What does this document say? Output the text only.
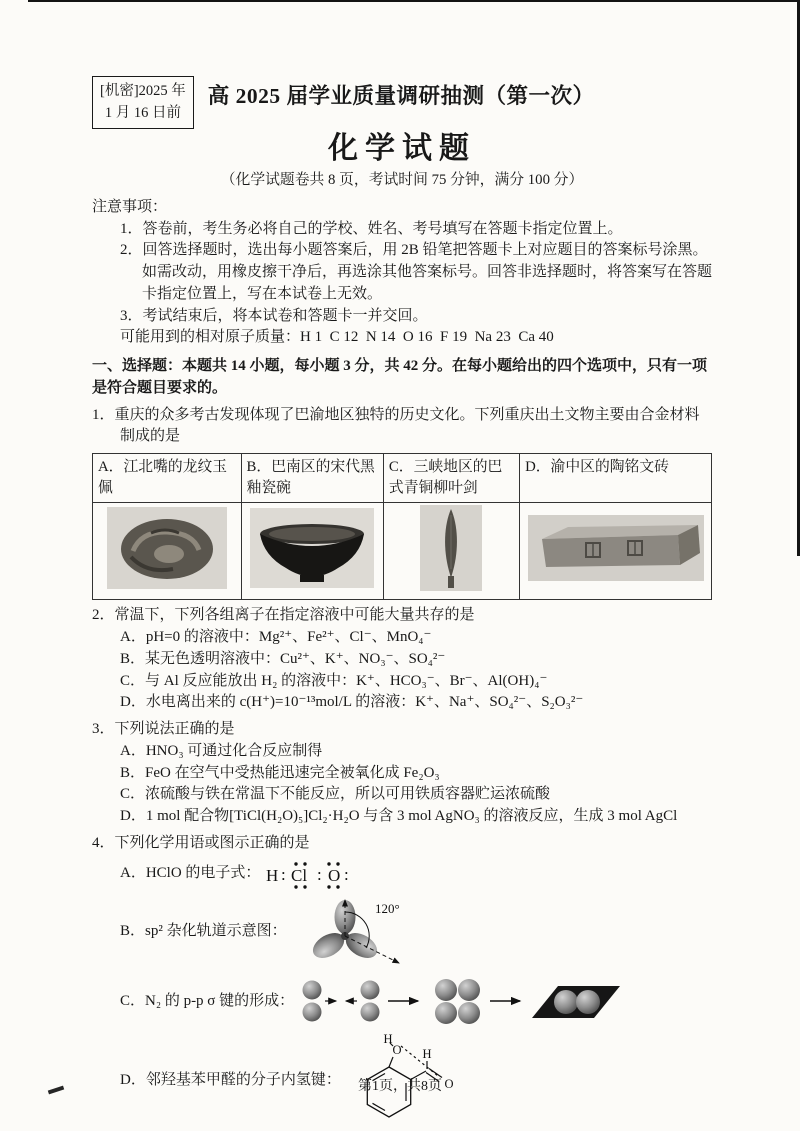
[机密]2025 年
1 月 16 日前
高 2025 届学业质量调研抽测（第一次）
化学试题
（化学试题卷共 8 页，考试时间 75 分钟，满分 100 分）
注意事项：
1．答卷前，考生务必将自己的学校、姓名、考号填写在答题卡指定位置上。
2．回答选择题时，选出每小题答案后，用 2B 铅笔把答题卡上对应题目的答案标号涂黑。如需改动，用橡皮擦干净后，再选涂其他答案标号。回答非选择题时，将答案写在答题卡指定位置上，写在本试卷上无效。
3．考试结束后，将本试卷和答题卡一并交回。
可能用到的相对原子质量：H 1  C 12  N 14  O 16  F 19  Na 23  Ca 40
一、选择题：本题共 14 小题，每小题 3 分，共 42 分。在每小题给出的四个选项中，只有一项是符合题目要求的。
1．重庆的众多考古发现体现了巴渝地区独特的历史文化。下列重庆出土文物主要由合金材料制成的是
A．江北嘴的龙纹玉佩	B．巴南区的宋代黑釉瓷碗	C．三峡地区的巴式青铜柳叶剑	D．渝中区的陶铭文砖

2．常温下，下列各组离子在指定溶液中可能大量共存的是
A．pH=0 的溶液中：Mg²⁺、Fe²⁺、Cl⁻、MnO₄⁻
B．某无色透明溶液中：Cu²⁺、K⁺、NO₃⁻、SO₄²⁻
C．与 Al 反应能放出 H₂ 的溶液中：K⁺、HCO₃⁻、Br⁻、Al(OH)₄⁻
D．水电离出来的 c(H⁺)=10⁻¹³mol/L 的溶液：K⁺、Na⁺、SO₄²⁻、S₂O₃²⁻
3．下列说法正确的是
A．HNO₃ 可通过化合反应制得
B．FeO 在空气中受热能迅速完全被氧化成 Fe₂O₃
C．浓硫酸与铁在常温下不能反应，所以可用铁质容器贮运浓硫酸
D．1 mol 配合物[TiCl(H₂O)₅]Cl₂·H₂O 与含 3 mol AgNO₃ 的溶液反应，生成 3 mol AgCl
4．下列化学用语或图示正确的是
A．HClO 的电子式： H : Cl : O :
B．sp² 杂化轨道示意图：
120°
C．N₂ 的 p-p σ 键的形成：
D．邻羟基苯甲醛的分子内氢键：
H
O H
O
第1页，共8页
